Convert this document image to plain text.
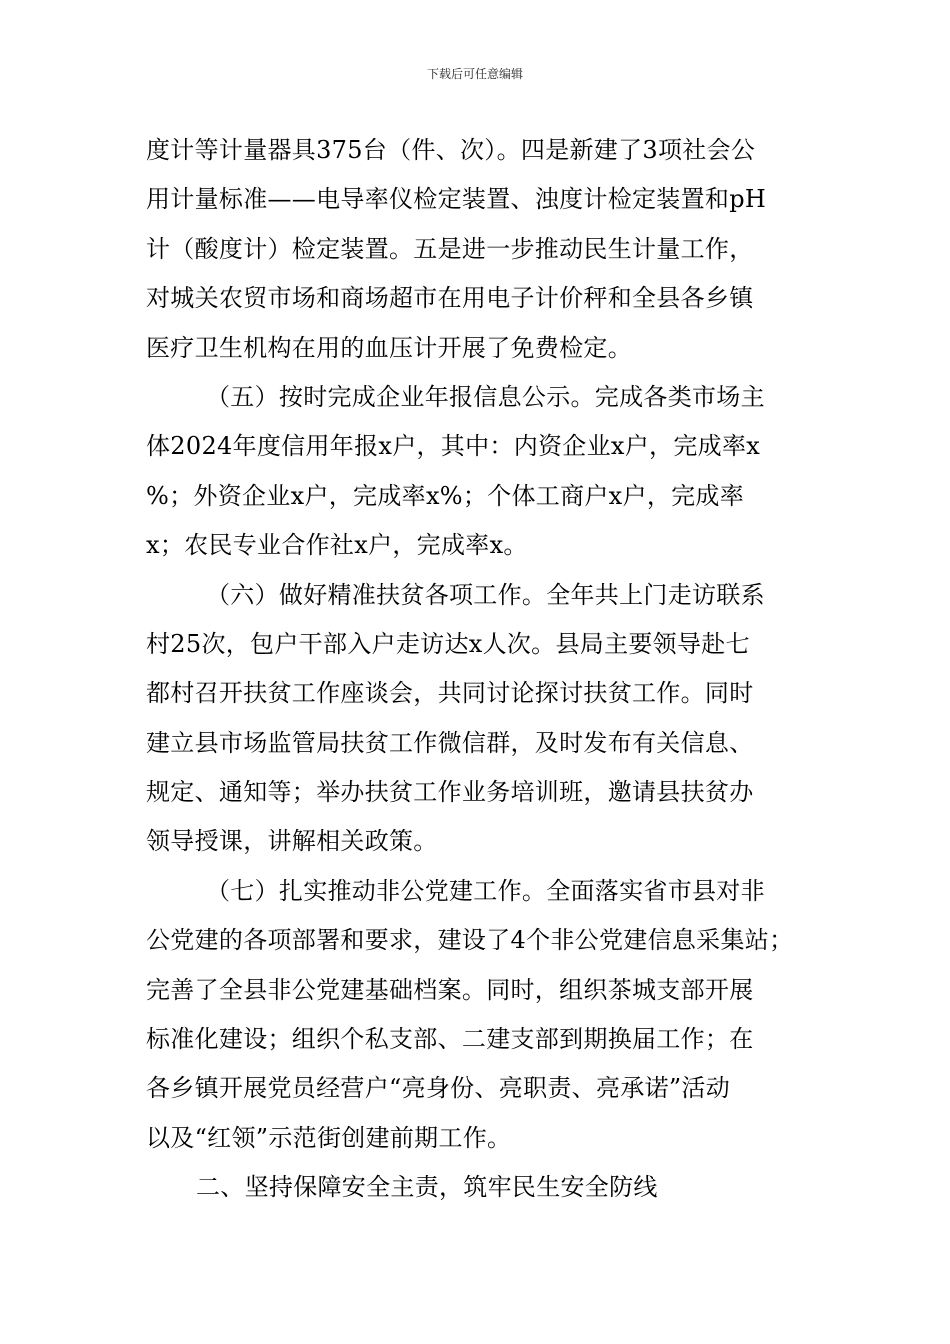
下载后可任意编辑
度计等计量器具375台（件、次）。四是新建了3项社会公
用计量标准——电导率仪检定装置、浊度计检定装置和pH
计（酸度计）检定装置。五是进一步推动民生计量工作，
对城关农贸市场和商场超市在用电子计价秤和全县各乡镇
医疗卫生机构在用的血压计开展了免费检定。
（五）按时完成企业年报信息公示。完成各类市场主
体2024年度信用年报x户，其中：内资企业x户，完成率x
%；外资企业x户，完成率x%；个体工商户x户，完成率
x；农民专业合作社x户，完成率x。
（六）做好精准扶贫各项工作。全年共上门走访联系
村25次，包户干部入户走访达x人次。县局主要领导赴七
都村召开扶贫工作座谈会，共同讨论探讨扶贫工作。同时
建立县市场监管局扶贫工作微信群，及时发布有关信息、
规定、通知等；举办扶贫工作业务培训班，邀请县扶贫办
领导授课，讲解相关政策。
（七）扎实推动非公党建工作。全面落实省市县对非
公党建的各项部署和要求，建设了4个非公党建信息采集站；
完善了全县非公党建基础档案。同时，组织茶城支部开展
标准化建设；组织个私支部、二建支部到期换届工作；在
各乡镇开展党员经营户“亮身份、亮职责、亮承诺”活动
以及“红领”示范街创建前期工作。
二、坚持保障安全主责，筑牢民生安全防线
